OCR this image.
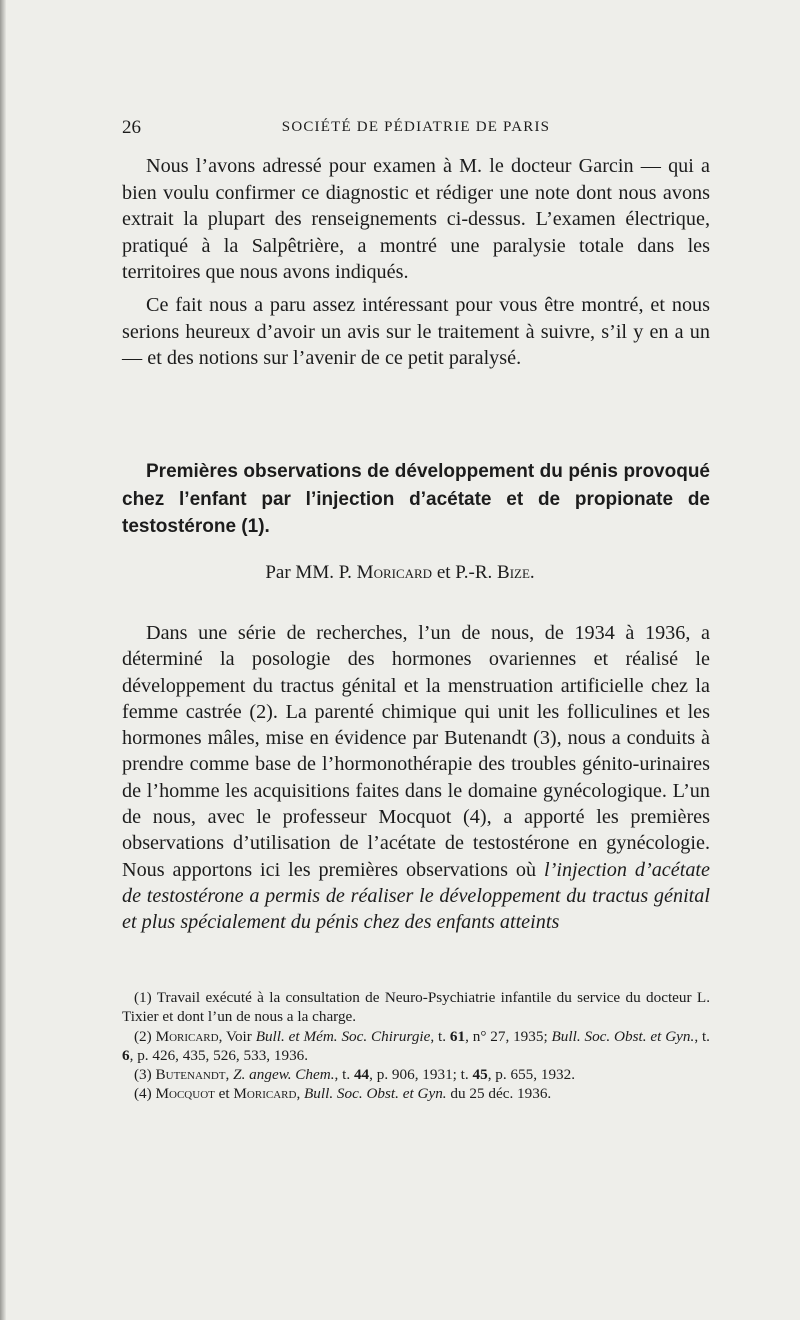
26	SOCIÉTÉ DE PÉDIATRIE DE PARIS

Nous l’avons adressé pour examen à M. le docteur Garcin — qui a bien voulu confirmer ce diagnostic et rédiger une note dont nous avons extrait la plupart des renseignements ci-dessus. L’examen électrique, pratiqué à la Salpêtrière, a montré une paralysie totale dans les territoires que nous avons indiqués.

Ce fait nous a paru assez intéressant pour vous être montré, et nous serions heureux d’avoir un avis sur le traitement à suivre, s’il y en a un — et des notions sur l’avenir de ce petit paralysé.

Premières observations de développement du pénis provoqué chez l’enfant par l’injection d’acétate et de propionate de testostérone (1).
Par MM. P. Moricard et P.-R. Bize.

Dans une série de recherches, l’un de nous, de 1934 à 1936, a déterminé la posologie des hormones ovariennes et réalisé le développement du tractus génital et la menstruation artificielle chez la femme castrée (2). La parenté chimique qui unit les folliculines et les hormones mâles, mise en évidence par Butenandt (3), nous a conduits à prendre comme base de l’hormonothérapie des troubles génito-urinaires de l’homme les acquisitions faites dans le domaine gynécologique. L’un de nous, avec le professeur Mocquot (4), a apporté les premières observations d’utilisation de l’acétate de testostérone en gynécologie. Nous apportons ici les premières observations où l’injection d’acétate de testostérone a permis de réaliser le développement du tractus génital et plus spécialement du pénis chez des enfants atteints

(1) Travail exécuté à la consultation de Neuro-Psychiatrie infantile du service du docteur L. Tixier et dont l’un de nous a la charge.

(2) Moricard, Voir Bull. et Mém. Soc. Chirurgie, t. 61, n° 27, 1935; Bull. Soc. Obst. et Gyn., t. 6, p. 426, 435, 526, 533, 1936.

(3) Butenandt, Z. angew. Chem., t. 44, p. 906, 1931; t. 45, p. 655, 1932.

(4) Mocquot et Moricard, Bull. Soc. Obst. et Gyn. du 25 déc. 1936.
